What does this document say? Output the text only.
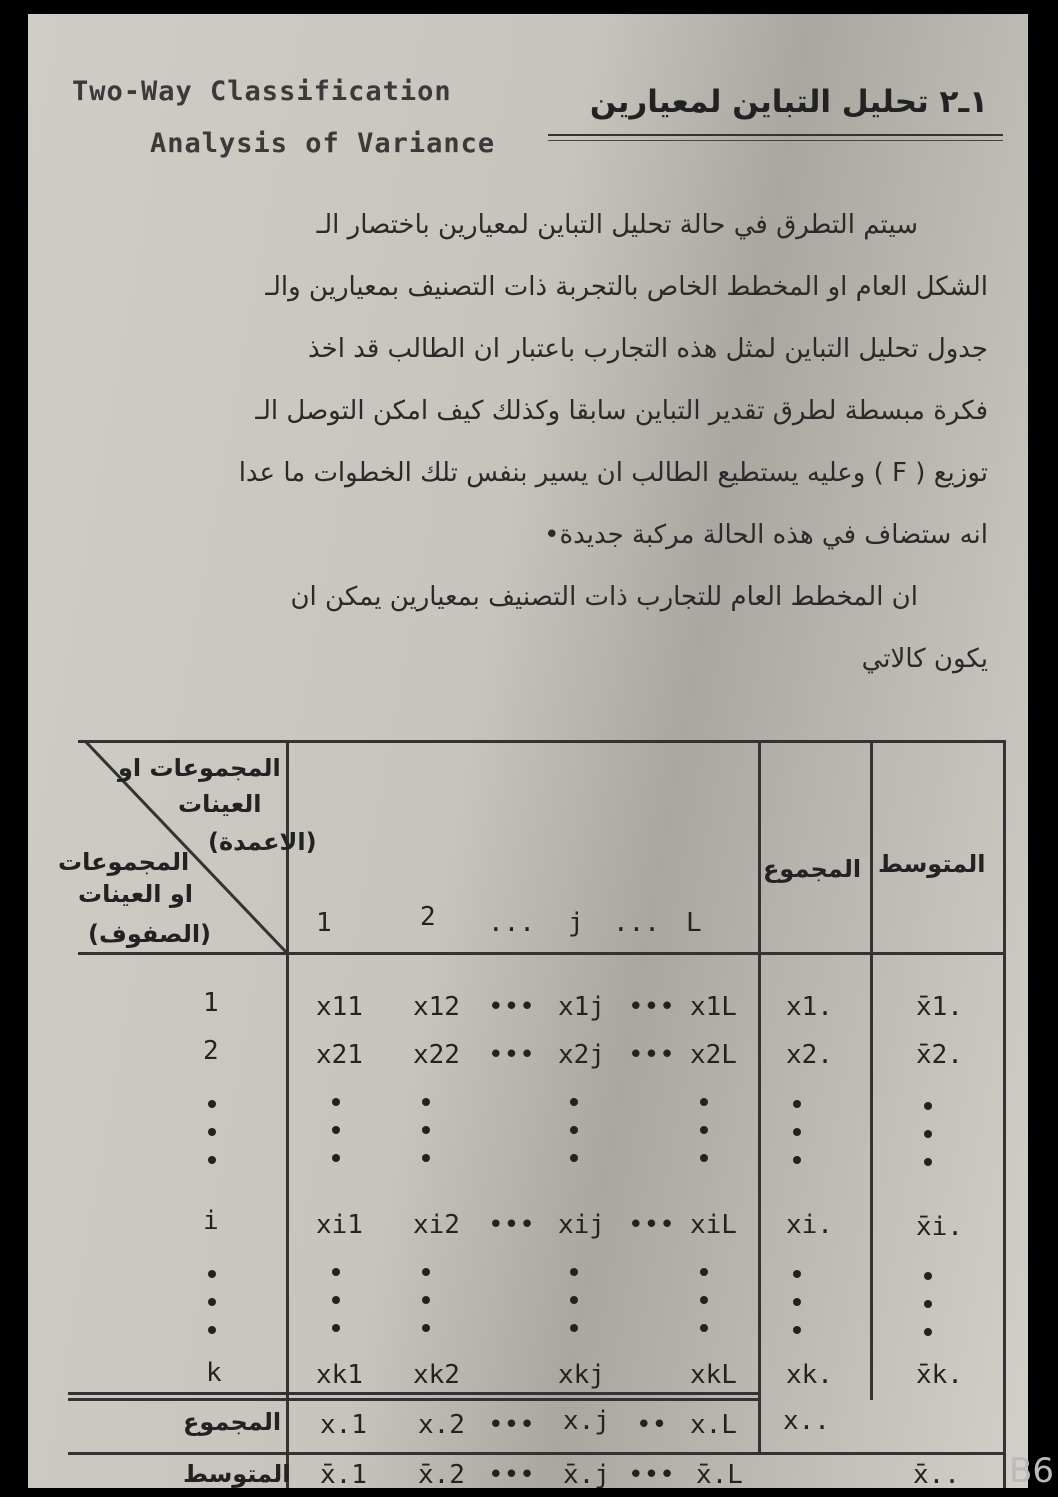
Two-Way Classification
Analysis of Variance
١ـ٢ تحليل التباين لمعيارين
سيتم التطرق في حالة تحليل التباين لمعيارين باختصار الـ
الشكل العام او المخطط الخاص بالتجربة ذات التصنيف بمعيارين والـ
جدول تحليل التباين لمثل هذه التجارب باعتبار ان الطالب قد اخذ
فكرة مبسطة لطرق تقدير التباين سابقا وكذلك كيف امكن التوصل الـ
توزيع ( F ) وعليه يستطيع الطالب ان يسير بنفس تلك الخطوات ما عدا
انه ستضاف في هذه الحالة مركبة جديدة•
ان المخطط العام للتجارب ذات التصنيف بمعيارين يمكن ان
يكون كالاتي
المجموعات او
العينات
(الاعمدة)
المجموعات
او العينات
(الصفوف)	1	2 ... j ... L
المجموع المتوسط
1	x11 x12 ••• x1j ••• x1L x1.	x̄1.
2	x21 x22 ••• x2j ••• x2L x2.	x̄2.
i	xi1 xi2 ••• xij ••• xiL xi.	x̄i.
k	xk1 xk2	xkj	xkL xk.	x̄k.
المجموع x.1 x.2 ••• x.j •• x.L x..
المتوسط x̄.1 x̄.2 ••• x̄.j ••• x̄.L	x̄.. B6
